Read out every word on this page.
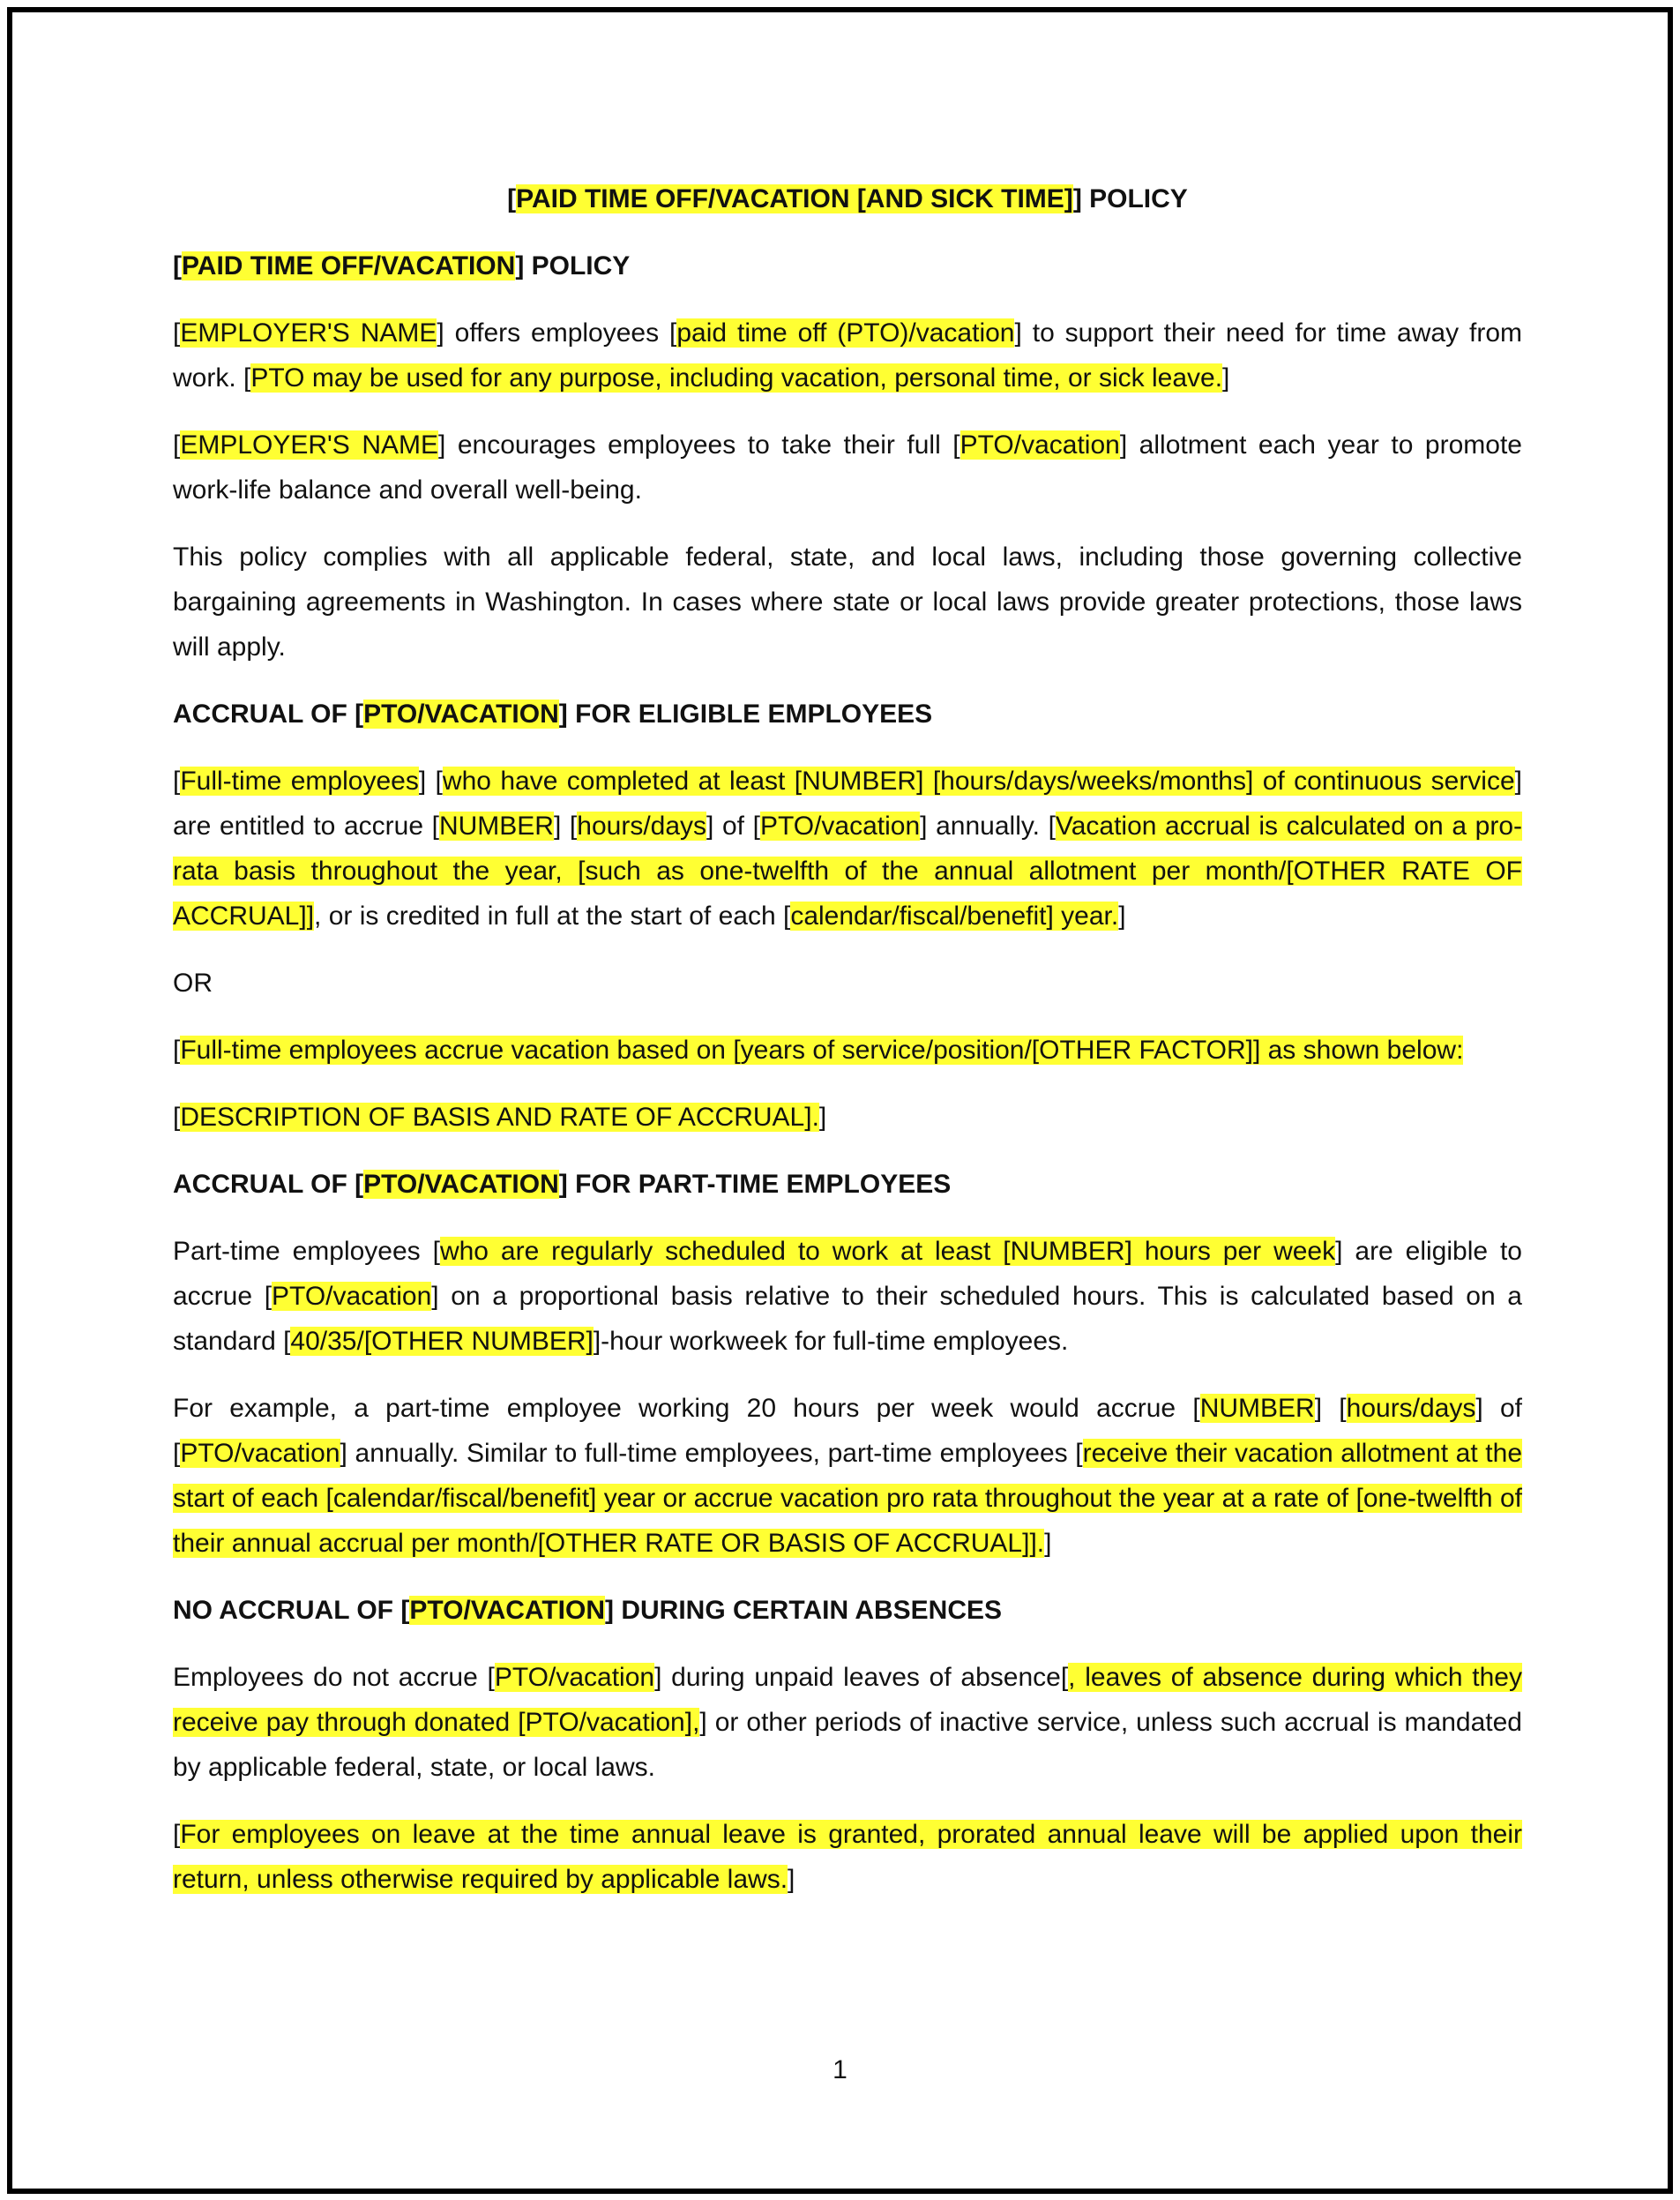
[PAID TIME OFF/VACATION [AND SICK TIME]] POLICY
[PAID TIME OFF/VACATION] POLICY
[EMPLOYER'S NAME] offers employees [paid time off (PTO)/vacation] to support their need for time away from work. [PTO may be used for any purpose, including vacation, personal time, or sick leave.]
[EMPLOYER'S NAME] encourages employees to take their full [PTO/vacation] allotment each year to promote work-life balance and overall well-being.
This policy complies with all applicable federal, state, and local laws, including those governing collective bargaining agreements in Washington. In cases where state or local laws provide greater protections, those laws will apply.
ACCRUAL OF [PTO/VACATION] FOR ELIGIBLE EMPLOYEES
[Full-time employees] [who have completed at least [NUMBER] [hours/days/weeks/months] of continuous service] are entitled to accrue [NUMBER] [hours/days] of [PTO/vacation] annually. [Vacation accrual is calculated on a pro-rata basis throughout the year, [such as one-twelfth of the annual allotment per month/[OTHER RATE OF ACCRUAL]], or is credited in full at the start of each [calendar/fiscal/benefit] year.]
OR
[Full-time employees accrue vacation based on [years of service/position/[OTHER FACTOR]] as shown below:
[DESCRIPTION OF BASIS AND RATE OF ACCRUAL].]
ACCRUAL OF [PTO/VACATION] FOR PART-TIME EMPLOYEES
Part-time employees [who are regularly scheduled to work at least [NUMBER] hours per week] are eligible to accrue [PTO/vacation] on a proportional basis relative to their scheduled hours. This is calculated based on a standard [40/35/[OTHER NUMBER]]-hour workweek for full-time employees.
For example, a part-time employee working 20 hours per week would accrue [NUMBER] [hours/days] of [PTO/vacation] annually. Similar to full-time employees, part-time employees [receive their vacation allotment at the start of each [calendar/fiscal/benefit] year or accrue vacation pro rata throughout the year at a rate of [one-twelfth of their annual accrual per month/[OTHER RATE OR BASIS OF ACCRUAL]].]
NO ACCRUAL OF [PTO/VACATION] DURING CERTAIN ABSENCES
Employees do not accrue [PTO/vacation] during unpaid leaves of absence[, leaves of absence during which they receive pay through donated [PTO/vacation],] or other periods of inactive service, unless such accrual is mandated by applicable federal, state, or local laws.
[For employees on leave at the time annual leave is granted, prorated annual leave will be applied upon their return, unless otherwise required by applicable laws.]
1
